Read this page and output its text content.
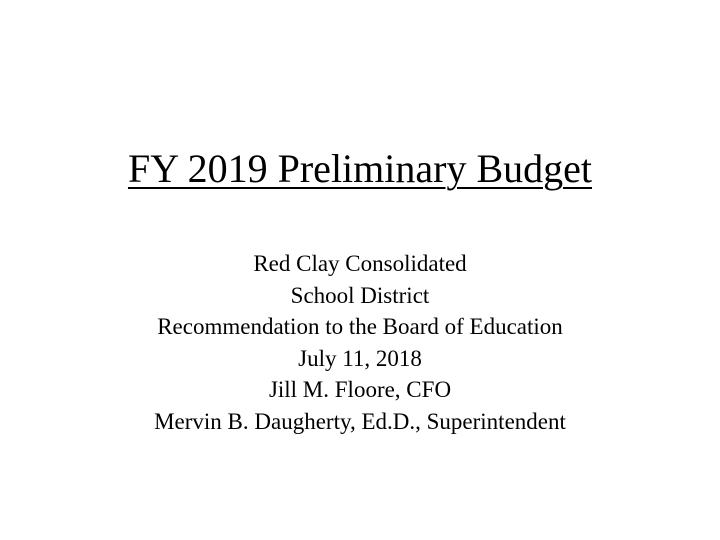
FY 2019 Preliminary Budget
Red Clay Consolidated
School District
Recommendation to the Board of Education
July 11, 2018
Jill M. Floore, CFO
Mervin B. Daugherty, Ed.D., Superintendent
